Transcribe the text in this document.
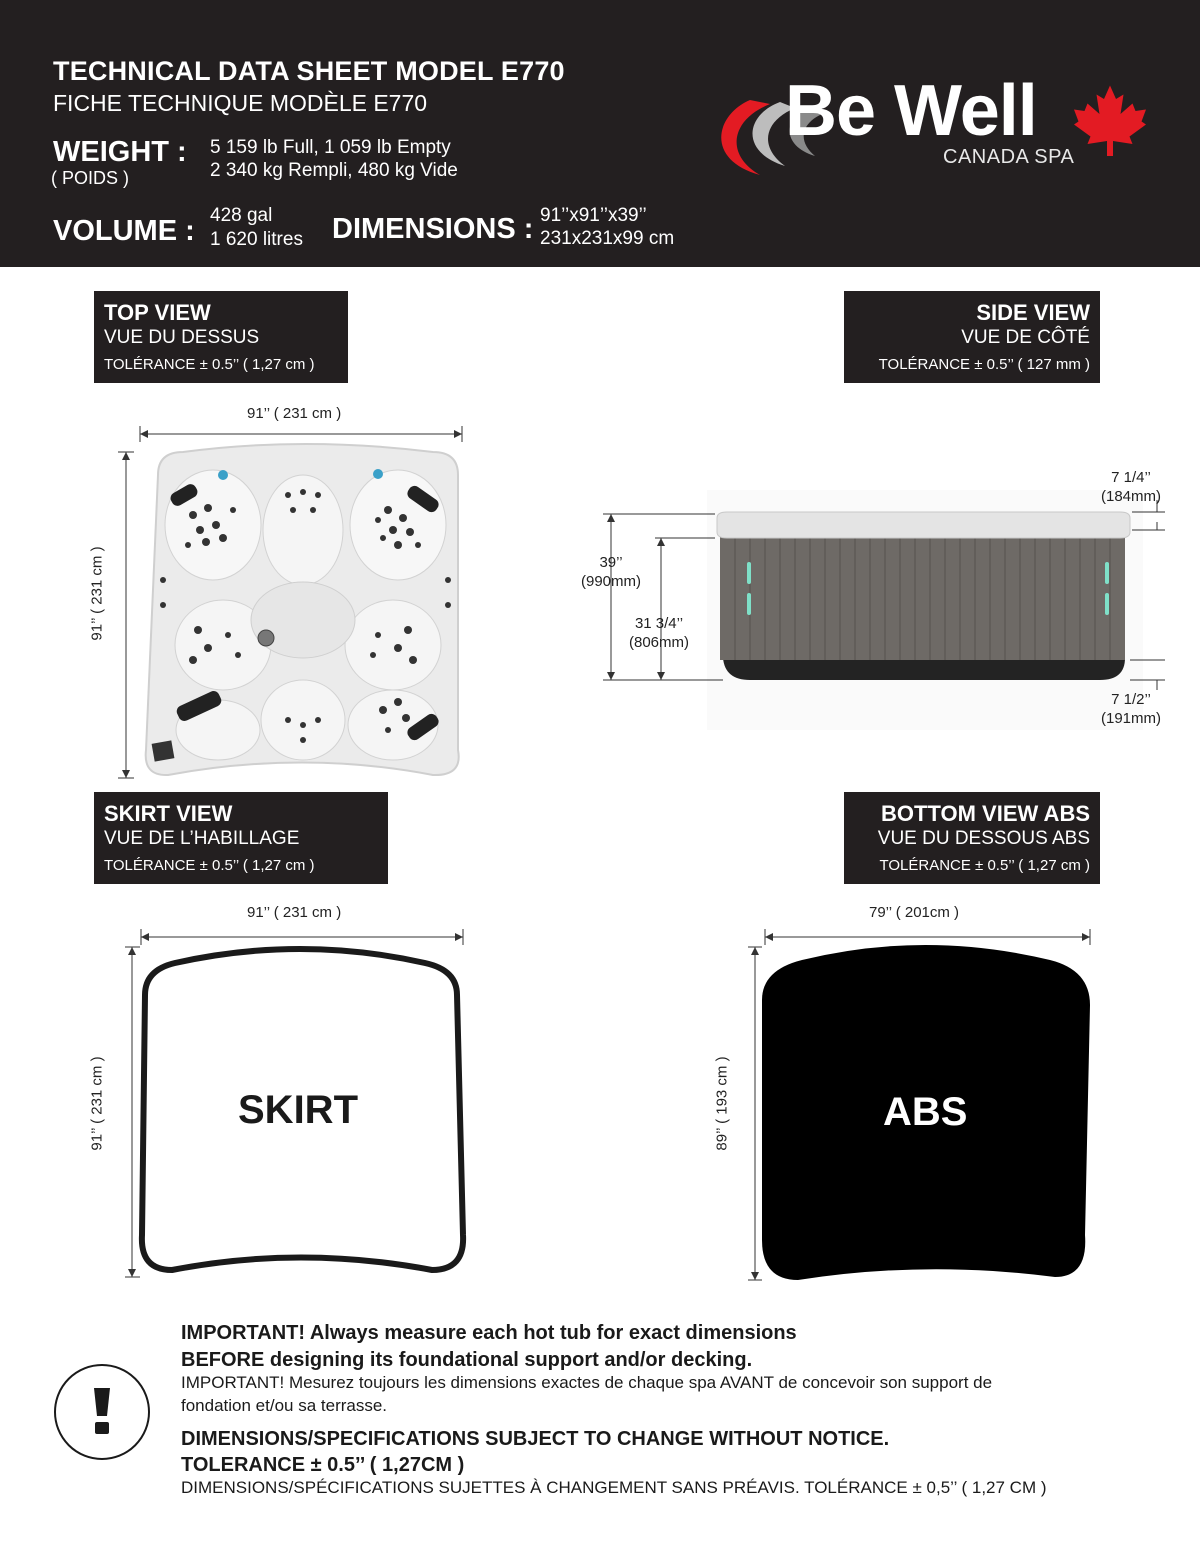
TECHNICAL DATA SHEET MODEL E770
FICHE TECHNIQUE MODÈLE E770
WEIGHT :
( POIDS )
5 159 lb Full, 1 059 lb Empty
2 340 kg Rempli, 480 kg Vide
VOLUME : 428 gal
1 620 litres DIMENSIONS : 91’’x91’’x39’’
231x231x99 cm
Be Well
CANADA SPA
TOP VIEW
VUE DU DESSUS
TOLÉRANCE ± 0.5’’ ( 1,27 cm )
SIDE VIEW
VUE DE CÔTÉ
TOLÉRANCE ± 0.5’’ ( 127 mm )
91’’ ( 231 cm )
91’’ ( 231 cm )	39’’
(990mm)
31 3/4’’
(806mm)
7 1/4’’
(184mm)
7 1/2’’
(191mm)
SKIRT VIEW
VUE DE L’HABILLAGE
TOLÉRANCE ± 0.5’’ ( 1,27 cm )
BOTTOM VIEW ABS
VUE DU DESSOUS ABS
TOLÉRANCE ± 0.5’’ ( 1,27 cm )
91’’ ( 231 cm )
91’’ ( 231 cm )	SKIRT
79’’ ( 201cm )
89’’ ( 193 cm )	ABS
IMPORTANT! Always measure each hot tub for exact dimensions
BEFORE designing its foundational support and/or decking.
IMPORTANT! Mesurez toujours les dimensions exactes de chaque spa AVANT de concevoir son support de
fondation et/ou sa terrasse.
DIMENSIONS/SPECIFICATIONS SUBJECT TO CHANGE WITHOUT NOTICE.
TOLERANCE ± 0.5’’ ( 1,27CM )
DIMENSIONS/SPÉCIFICATIONS SUJETTES À CHANGEMENT SANS PRÉAVIS. TOLÉRANCE ± 0,5’’ ( 1,27 CM )
